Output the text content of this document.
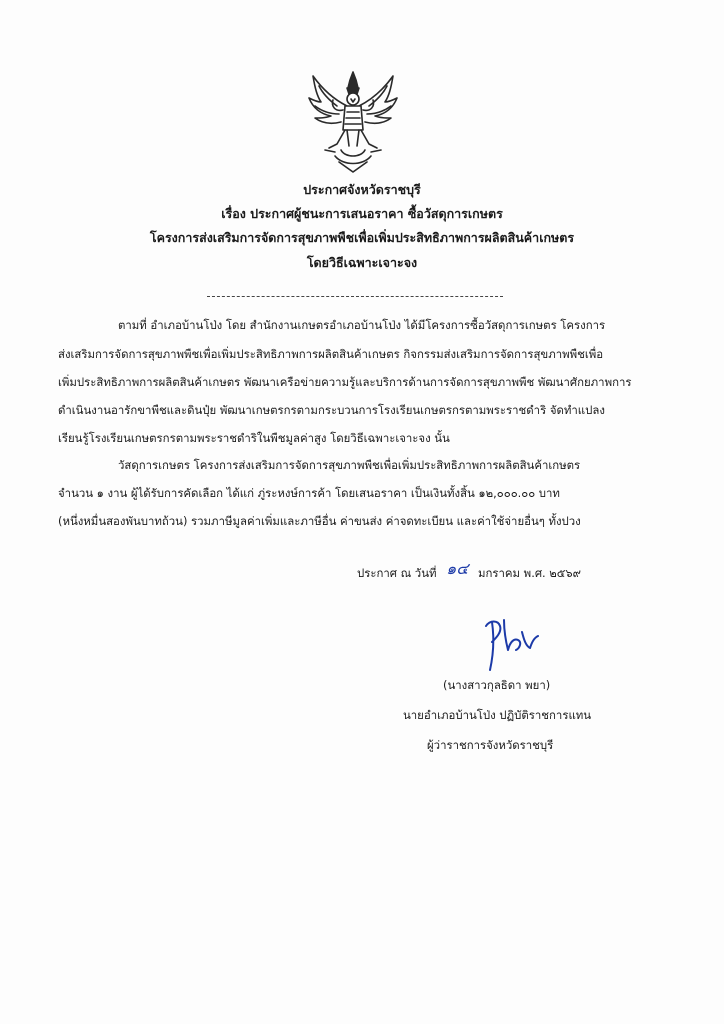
ประกาศจังหวัดราชบุรี
เรื่อง ประกาศผู้ชนะการเสนอราคา ซื้อวัสดุการเกษตร
โครงการส่งเสริมการจัดการสุขภาพพืชเพื่อเพิ่มประสิทธิภาพการผลิตสินค้าเกษตร
โดยวิธีเฉพาะเจาะจง
ตามที่ อำเภอบ้านโป่ง โดย สำนักงานเกษตรอำเภอบ้านโป่ง ได้มีโครงการซื้อวัสดุการเกษตร โครงการ
ส่งเสริมการจัดการสุขภาพพืชเพื่อเพิ่มประสิทธิภาพการผลิตสินค้าเกษตร กิจกรรมส่งเสริมการจัดการสุขภาพพืชเพื่อ
เพิ่มประสิทธิภาพการผลิตสินค้าเกษตร พัฒนาเครือข่ายความรู้และบริการด้านการจัดการสุขภาพพืช พัฒนาศักยภาพการ
ดำเนินงานอารักขาพืชและดินปุ๋ย พัฒนาเกษตรกรตามกระบวนการโรงเรียนเกษตรกรตามพระราชดำริ จัดทำแปลง
เรียนรู้โรงเรียนเกษตรกรตามพระราชดำริในพืชมูลค่าสูง โดยวิธีเฉพาะเจาะจง นั้น
วัสดุการเกษตร โครงการส่งเสริมการจัดการสุขภาพพืชเพื่อเพิ่มประสิทธิภาพการผลิตสินค้าเกษตร
จำนวน ๑ งาน ผู้ได้รับการคัดเลือก ได้แก่ ภู่ระหงษ์การค้า โดยเสนอราคา เป็นเงินทั้งสิ้น ๑๒,๐๐๐.๐๐ บาท
(หนึ่งหมื่นสองพันบาทถ้วน) รวมภาษีมูลค่าเพิ่มและภาษีอื่น ค่าขนส่ง ค่าจดทะเบียน และค่าใช้จ่ายอื่นๆ ทั้งปวง
ประกาศ ณ วันที่ ๑๔ มกราคม พ.ศ. ๒๕๖๙
(นางสาวกุลธิดา พยา)
นายอำเภอบ้านโป่ง ปฏิบัติราชการแทน
ผู้ว่าราชการจังหวัดราชบุรี
